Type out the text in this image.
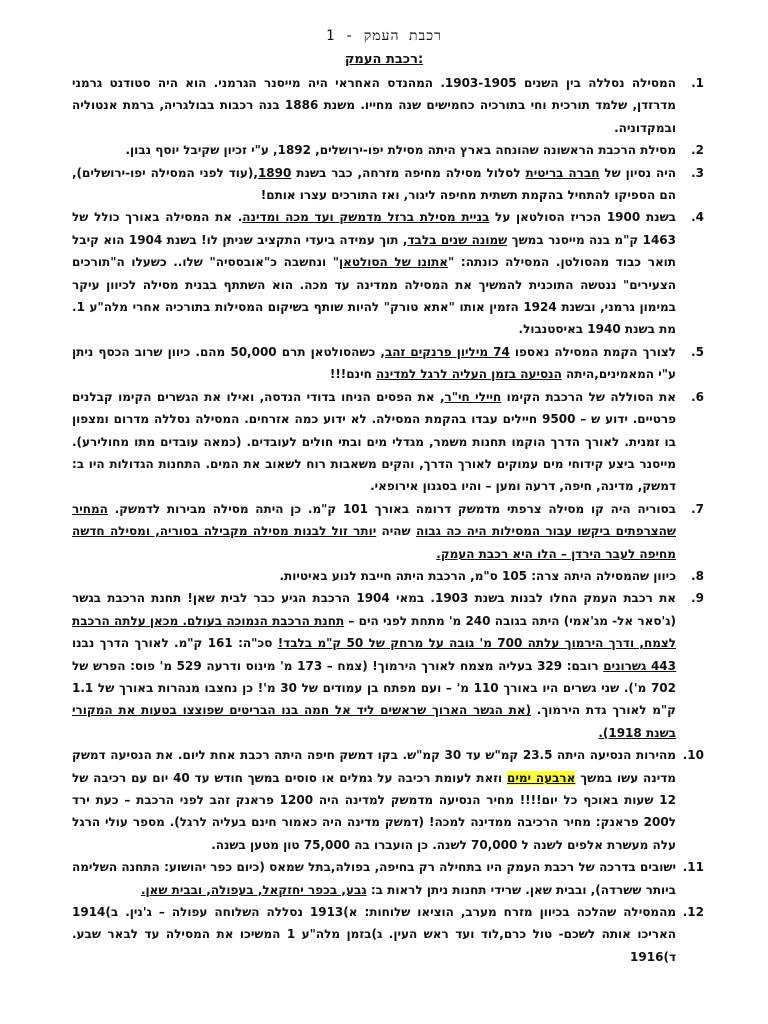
רכבת העמק - 1
רכבת העמק:

1.
המסילה נסללה בין השנים 1903-1905. המהנדס האחראי היה מייסנר הגרמני. הוא היה סטודנט גרמני מדרזדן, שלמד תורכית וחי בתורכיה כחמישים שנה מחייו. משנת 1886 בנה רכבות בבולגריה, ברמת אנטוליה ובמקדוניה.

2.
מסילת הרכבת הראשונה שהונחה בארץ היתה מסילת יפו-ירושלים, 1892, ע"י זכיון שקיבל יוסף נבון.

3.
היה נסיון של חברה בריטית לסלול מסילה מחיפה מזרחה, כבר בשנת 1890,(עוד לפני המסילה יפו-ירושלים), הם הספיקו להתחיל בהקמת תשתית מחיפה ליגור, ואז התורכים עצרו אותם!

4.
בשנת 1900 הכריז הסולטאן על בניית מסילת ברזל מדמשק ועד מכה ומדינה. את המסילה באורך כולל של 1463 ק"מ בנה מייסנר במשך שמונה שנים בלבד, תוך עמידה ביעדי התקציב שניתן לו! בשנת 1904 הוא קיבל תואר כבוד מהסולטן. המסילה כונתה: "אתונו של הסולטאן" ונחשבה כ"אובססיה" שלו.. כשעלו ה"תורכים הצעירים" ננטשה התוכנית להמשיך את המסילה ממדינה עד מכה. הוא השתתף בבנית מסילה לכיוון עיקר במימון גרמני, ובשנת 1924 הזמין אותו "אתא טורק" להיות שותף בשיקום המסילות בתורכיה אחרי מלה"ע 1. מת בשנת 1940 באיסטנבול.

5.
לצורך הקמת המסילה נאספו 74 מיליון פרנקים זהב, כשהסולטאן תרם 50,000 מהם. כיוון שרוב הכסף ניתן ע"י המאמינים,היתה הנסיעה בזמן העליה לרגל למדינה חינם!!!

6.
את הסוללה של הרכבת הקימו חיילי חי"ר, את הפסים הניחו בדודי הנדסה, ואילו את הגשרים הקימו קבלנים פרטיים. ידוע ש – 9500 חיילים עבדו בהקמת המסילה. לא ידוע כמה אזרחים. המסילה נסללה מדרום ומצפון בו זמנית. לאורך הדרך הוקמו תחנות משמר, מגדלי מים ובתי חולים לעובדים. (כמאה עובדים מתו מחולירע). מייסנר ביצע קידוחי מים עמוקים לאורך הדרך, והקים משאבות רוח לשאוב את המים. התחנות הגדולות היו ב: דמשק, מדינה, חיפה, דרעה ומען – והיו בסגנון אירופאי.

7.
בסוריה היה קו מסילה צרפתי מדמשק דרומה באורך 101 ק"מ. כן היתה מסילה מבירות לדמשק. המחיר שהצרפתים ביקשו עבור המסילות היה כה גבוה שהיה יותר זול לבנות מסילה מקבילה בסוריה, ומסילה חדשה מחיפה לעבר הירדן – הלו היא רכבת העמק.

8.
כיוון שהמסילה היתה צרה: 105 ס"מ, הרכבת היתה חייבת לנוע באיטיות.

9.
את רכבת העמק החלו לבנות בשנת 1903. במאי 1904 הרכבת הגיע כבר לבית שאן! תחנת הרכבת בגשר (ג'סאר אל- מג'אמי) היתה בגובה 240 מ' מתחת לפני הים – תחנת הרכבת הנמוכה בעולם. מכאן עלתה הרכבת לצמח, ודרך הירמוך עלתה 700 מ' גובה על מרחק של 50 ק"מ בלבד! סכ"ה: 161 ק"מ. לאורך הדרך נבנו 443 גשרונים רובם: 329 בעליה מצמח לאורך הירמוך! (צמח – 173 מ' מינוס ודרעה 529 מ' פוס: הפרש של 702 מ'). שני גשרים היו באורך 110 מ' – ועם מפתח בן עמודים של 30 מ'! כן נחצבו מנהרות באורך של 1.1 ק"מ לאורך גדת הירמוך. (את הגשר הארוך שראשים ליד אל חמה בנו הבריטים שפוצצו בטעות את המקורי בשנת 1918).

10.
מהירות הנסיעה היתה 23.5 קמ"ש עד 30 קמ"ש. בקו דמשק חיפה היתה רכבת אחת ליום. את הנסיעה דמשק מדינה עשו במשך ארבעה ימים וזאת לעומת רכיבה על גמלים או סוסים במשך חודש עד 40 יום עם רכיבה של 12 שעות באוכף כל יום!!!! מחיר הנסיעה מדמשק למדינה היה 1200 פראנק זהב לפני הרכבת – כעת ירד ל200 פראנק: מחיר הרכיבה ממדינה למכה! (דמשק מדינה היה כאמור חינם בעליה לרגל). מספר עולי הרגל עלה מעשרת אלפים לשנה ל 70,000 לשנה. כן הועברו בה 75,000 טון מטען בשנה.

11.
ישובים בדרכה של רכבת העמק היו בתחילה רק בחיפה, בפולה,בתל שמאס (כיום כפר יהושוע: התחנה השלימה ביותר ששרדה), ובבית שאן. שרידי תחנות ניתן לראות ב: גבע, בכפר יחזקאל, בעפולה, ובבית שאן.

12.
מהמסילה שהלכה בכיוון מזרח מערב, הוציאו שלוחות: א)1913 נסללה השלוחה עפולה – ג'נין. ב)1914 האריכו אותה לשכם- טול כרם,לוד ועד ראש העין. ג)בזמן מלה"ע 1 המשיכו את המסילה עד לבאר שבע. ד)1916
